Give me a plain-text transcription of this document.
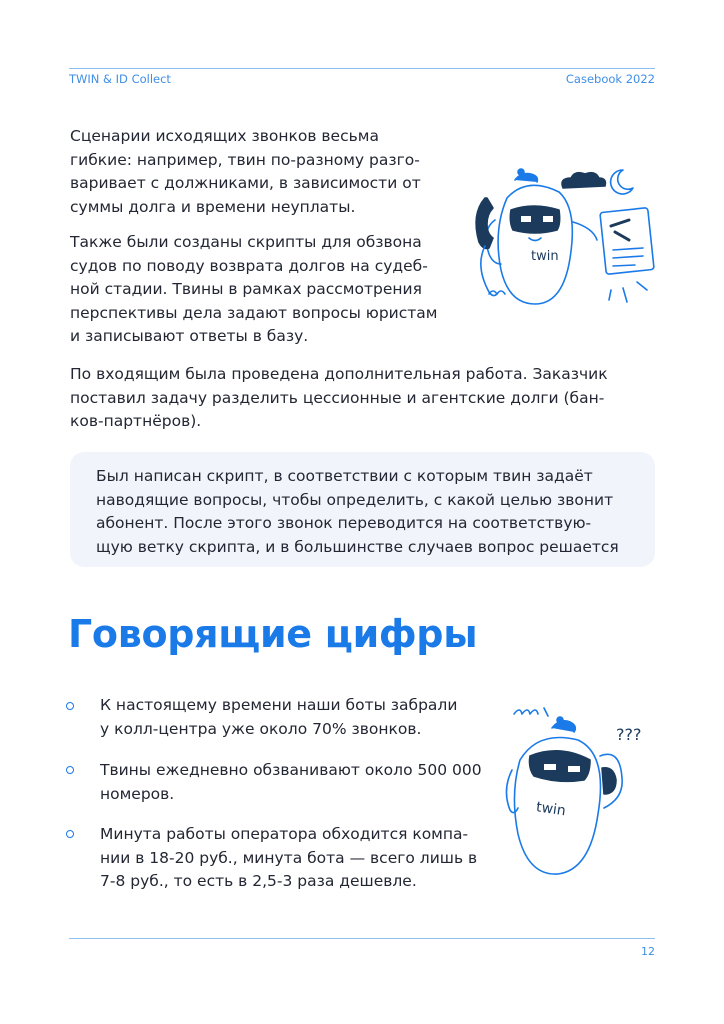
TWIN & ID Collect	Casebook 2022
Сценарии исходящих звонков весьма
гибкие: например, твин по-разному разго-
варивает с должниками, в зависимости от
суммы долга и времени неуплаты.
Также были созданы скрипты для обзвона
судов по поводу возврата долгов на судеб-
ной стадии. Твины в рамках рассмотрения
перспективы дела задают вопросы юристам
и записывают ответы в базу.
По входящим была проведена дополнительная работа. Заказчик
поставил задачу разделить цессионные и агентские долги (бан-
ков-партнёров).
twin
Был написан скрипт, в соответствии с которым твин задаёт
наводящие вопросы, чтобы определить, с какой целью звонит
абонент. После этого звонок переводится на соответствую-
щую ветку скрипта, и в большинстве случаев вопрос решается
Говорящие цифры
К настоящему времени наши боты забрали
у колл-центра уже около 70% звонков.
Твины ежедневно обзванивают около 500 000
номеров.
Минута работы оператора обходится компа-
нии в 18-20 руб., минута бота — всего лишь в
7-8 руб., то есть в 2,5-3 раза дешевле.
???
twin
12
